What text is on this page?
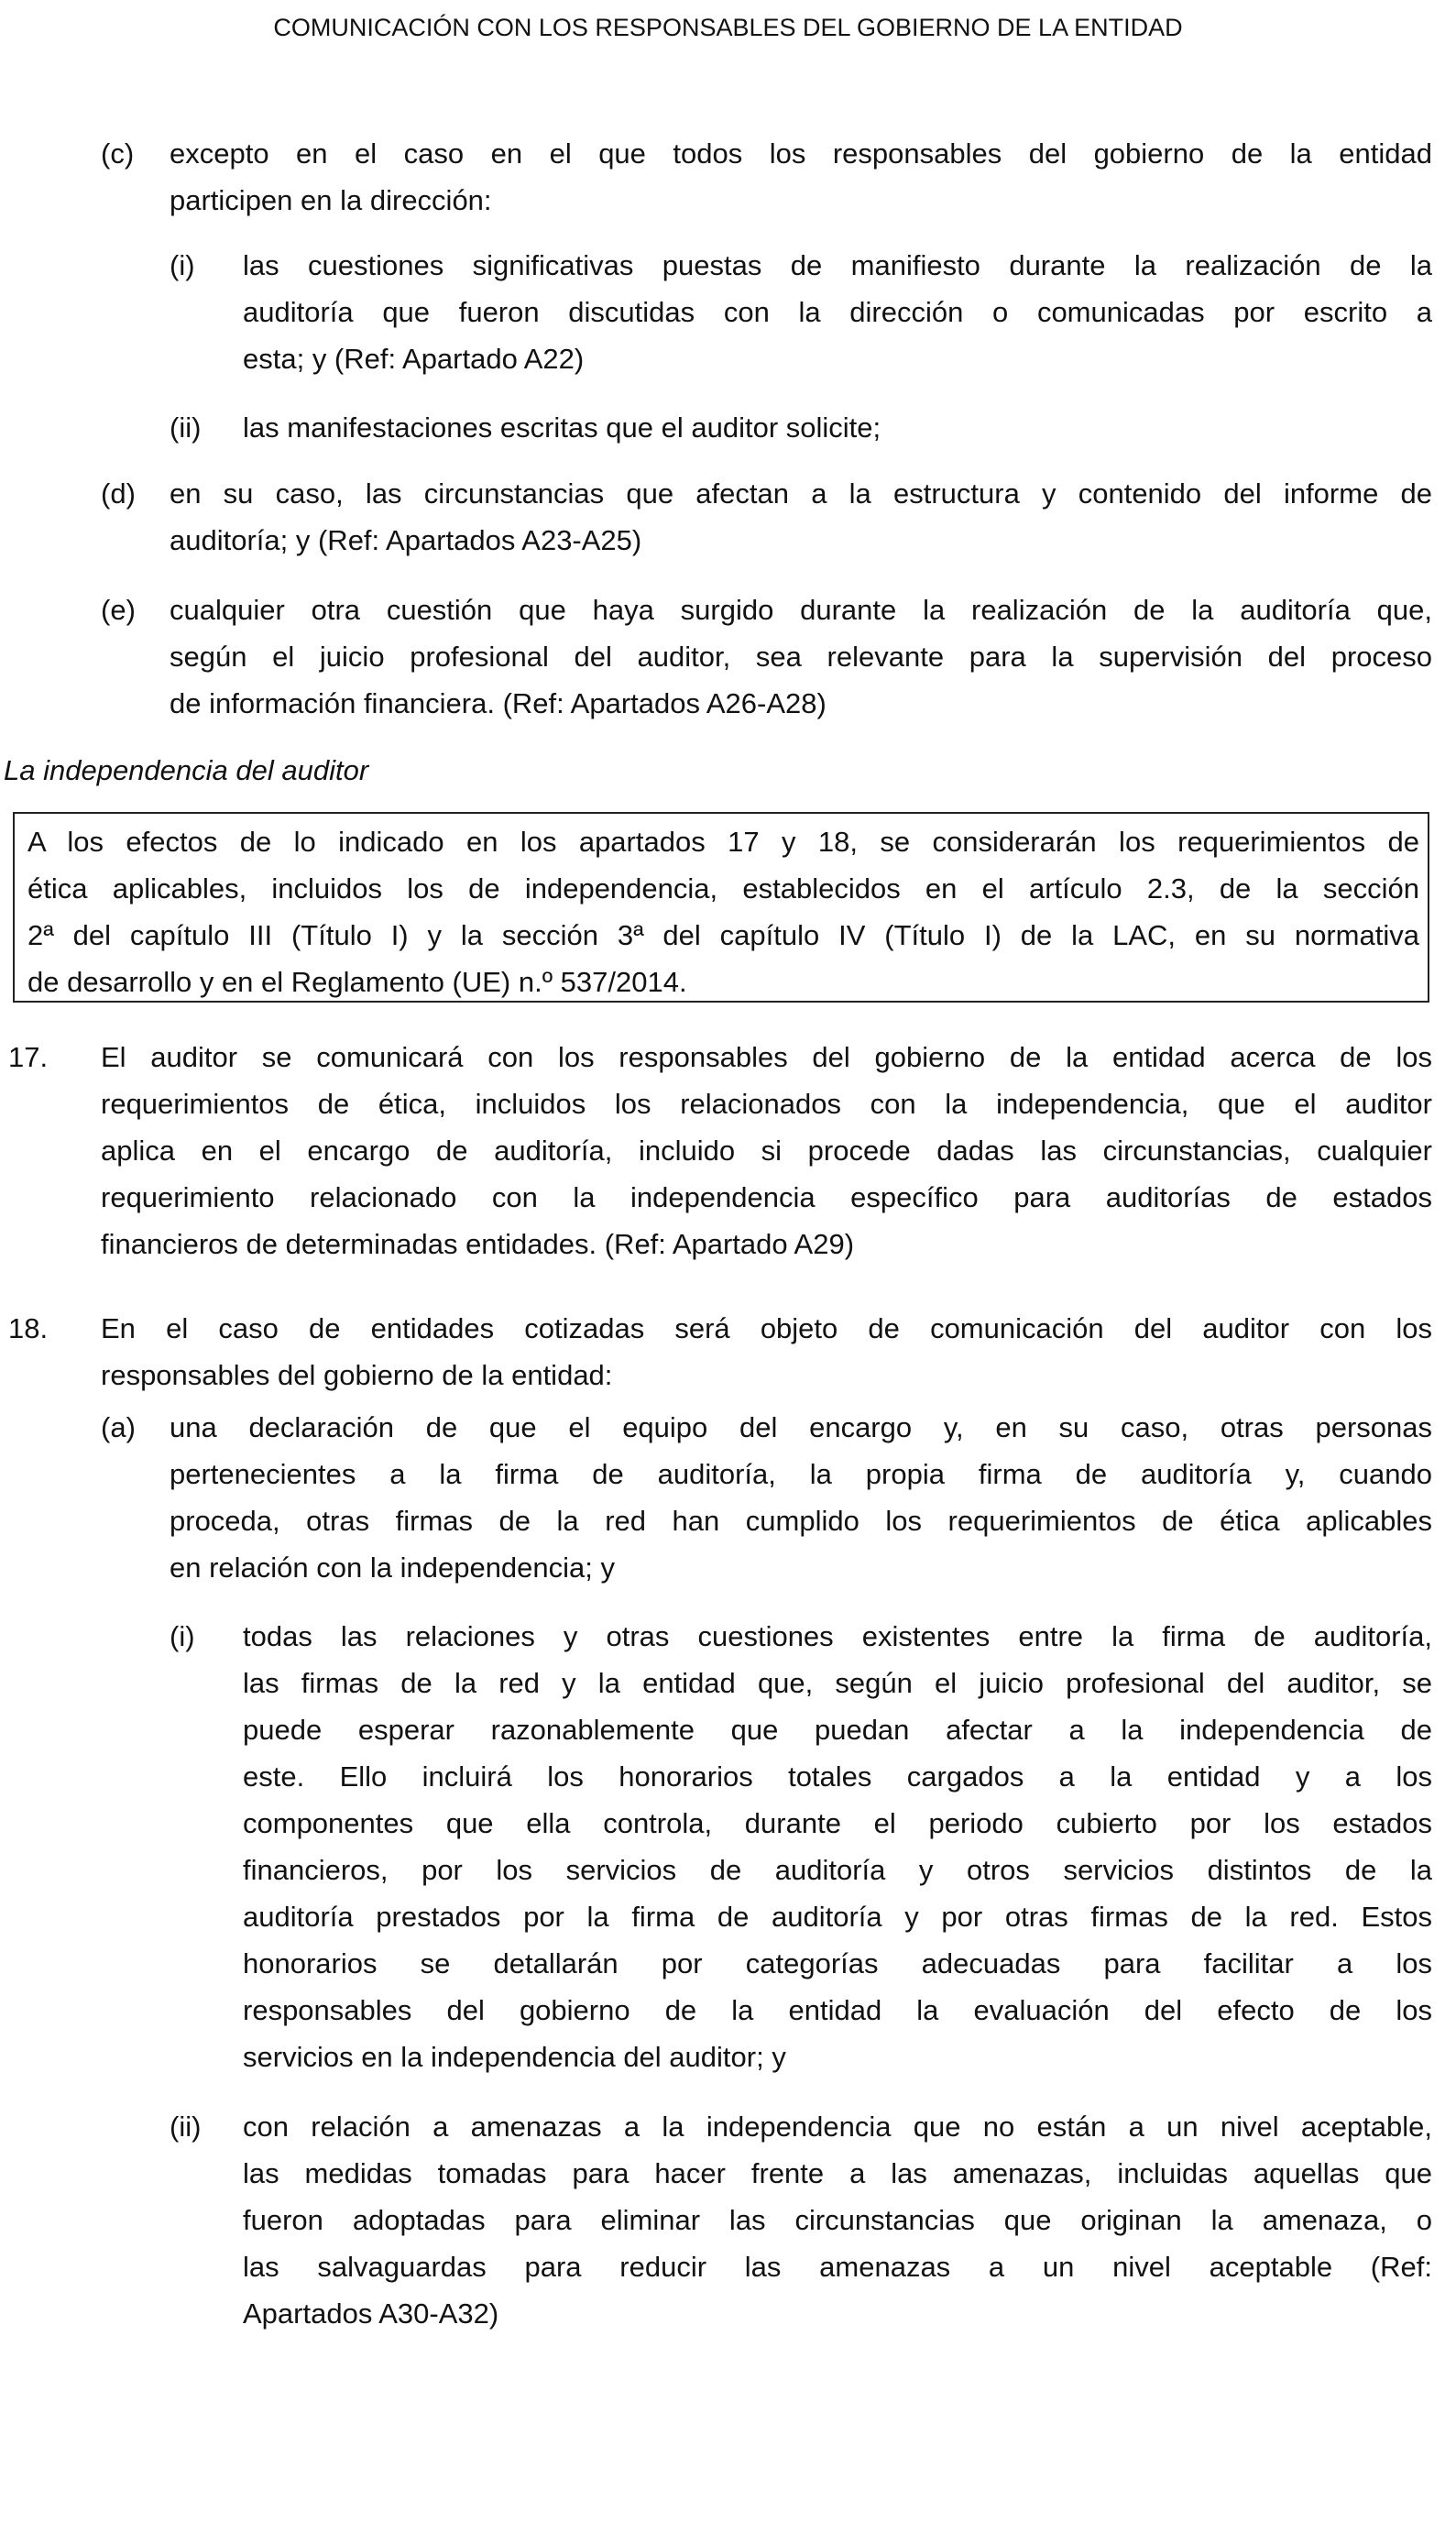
COMUNICACIÓN CON LOS RESPONSABLES DEL GOBIERNO DE LA ENTIDAD
La independencia del auditor
(c) excepto en el caso en el que todos los responsables del gobierno de la entidad
participen en la dirección:
(i) las cuestiones significativas puestas de manifiesto durante la realización de la
auditoría que fueron discutidas con la dirección o comunicadas por escrito a
esta; y (Ref: Apartado A22)
(ii) las manifestaciones escritas que el auditor solicite;
(d) en su caso, las circunstancias que afectan a la estructura y contenido del informe de
auditoría; y (Ref: Apartados A23-A25)
(e) cualquier otra cuestión que haya surgido durante la realización de la auditoría que,
según el juicio profesional del auditor, sea relevante para la supervisión del proceso
de información financiera. (Ref: Apartados A26-A28)
A los efectos de lo indicado en los apartados 17 y 18, se considerarán los requerimientos de
ética aplicables, incluidos los de independencia, establecidos en el artículo 2.3, de la sección
2ª del capítulo III (Título I) y la sección 3ª del capítulo IV (Título I) de la LAC, en su normativa
de desarrollo y en el Reglamento (UE) n.º 537/2014.
17. El auditor se comunicará con los responsables del gobierno de la entidad acerca de los
requerimientos de ética, incluidos los relacionados con la independencia, que el auditor
aplica en el encargo de auditoría, incluido si procede dadas las circunstancias, cualquier
requerimiento relacionado con la independencia específico para auditorías de estados
financieros de determinadas entidades. (Ref: Apartado A29)
18. En el caso de entidades cotizadas será objeto de comunicación del auditor con los
responsables del gobierno de la entidad:
(a) una declaración de que el equipo del encargo y, en su caso, otras personas
pertenecientes a la firma de auditoría, la propia firma de auditoría y, cuando
proceda, otras firmas de la red han cumplido los requerimientos de ética aplicables
en relación con la independencia; y
(i) todas las relaciones y otras cuestiones existentes entre la firma de auditoría,
las firmas de la red y la entidad que, según el juicio profesional del auditor, se
puede esperar razonablemente que puedan afectar a la independencia de
este. Ello incluirá los honorarios totales cargados a la entidad y a los
componentes que ella controla, durante el periodo cubierto por los estados
financieros, por los servicios de auditoría y otros servicios distintos de la
auditoría prestados por la firma de auditoría y por otras firmas de la red. Estos
honorarios se detallarán por categorías adecuadas para facilitar a los
responsables del gobierno de la entidad la evaluación del efecto de los
servicios en la independencia del auditor; y
(ii) con relación a amenazas a la independencia que no están a un nivel aceptable,
las medidas tomadas para hacer frente a las amenazas, incluidas aquellas que
fueron adoptadas para eliminar las circunstancias que originan la amenaza, o
las salvaguardas para reducir las amenazas a un nivel aceptable (Ref:
Apartados A30-A32)
